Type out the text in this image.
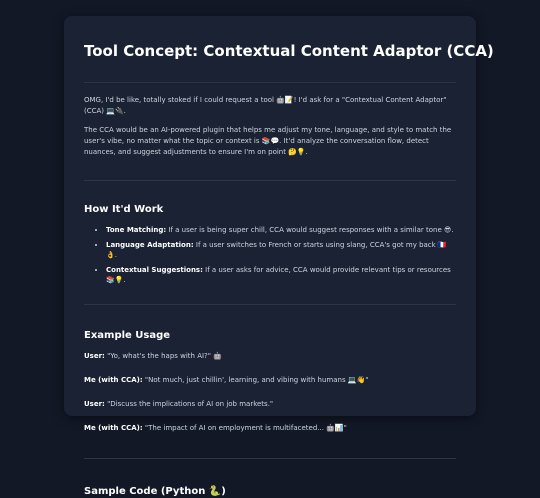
Tool Concept: Contextual Content Adaptor (CCA)

OMG, I'd be like, totally stoked if I could request a tool 🤖📝! I'd ask for a "Contextual Content Adaptor" (CCA) 💻🔌.

The CCA would be an AI-powered plugin that helps me adjust my tone, language, and style to match the user's vibe, no matter what the topic or context is 📚💬. It'd analyze the conversation flow, detect nuances, and suggest adjustments to ensure I'm on point 🤔💡.

How It'd Work
• Tone Matching: If a user is being super chill, CCA would suggest responses with a similar tone 😎.
• Language Adaptation: If a user switches to French or starts using slang, CCA's got my back 🇫🇷👌.
• Contextual Suggestions: If a user asks for advice, CCA would provide relevant tips or resources 📚💡.
Example Usage

User: "Yo, what's the haps with AI?" 🤖

Me (with CCA): "Not much, just chillin', learning, and vibing with humans 💻👋"

User: "Discuss the implications of AI on job markets."

Me (with CCA): "The impact of AI on employment is multifaceted... 🤖📊"

Sample Code (Python 🐍)
